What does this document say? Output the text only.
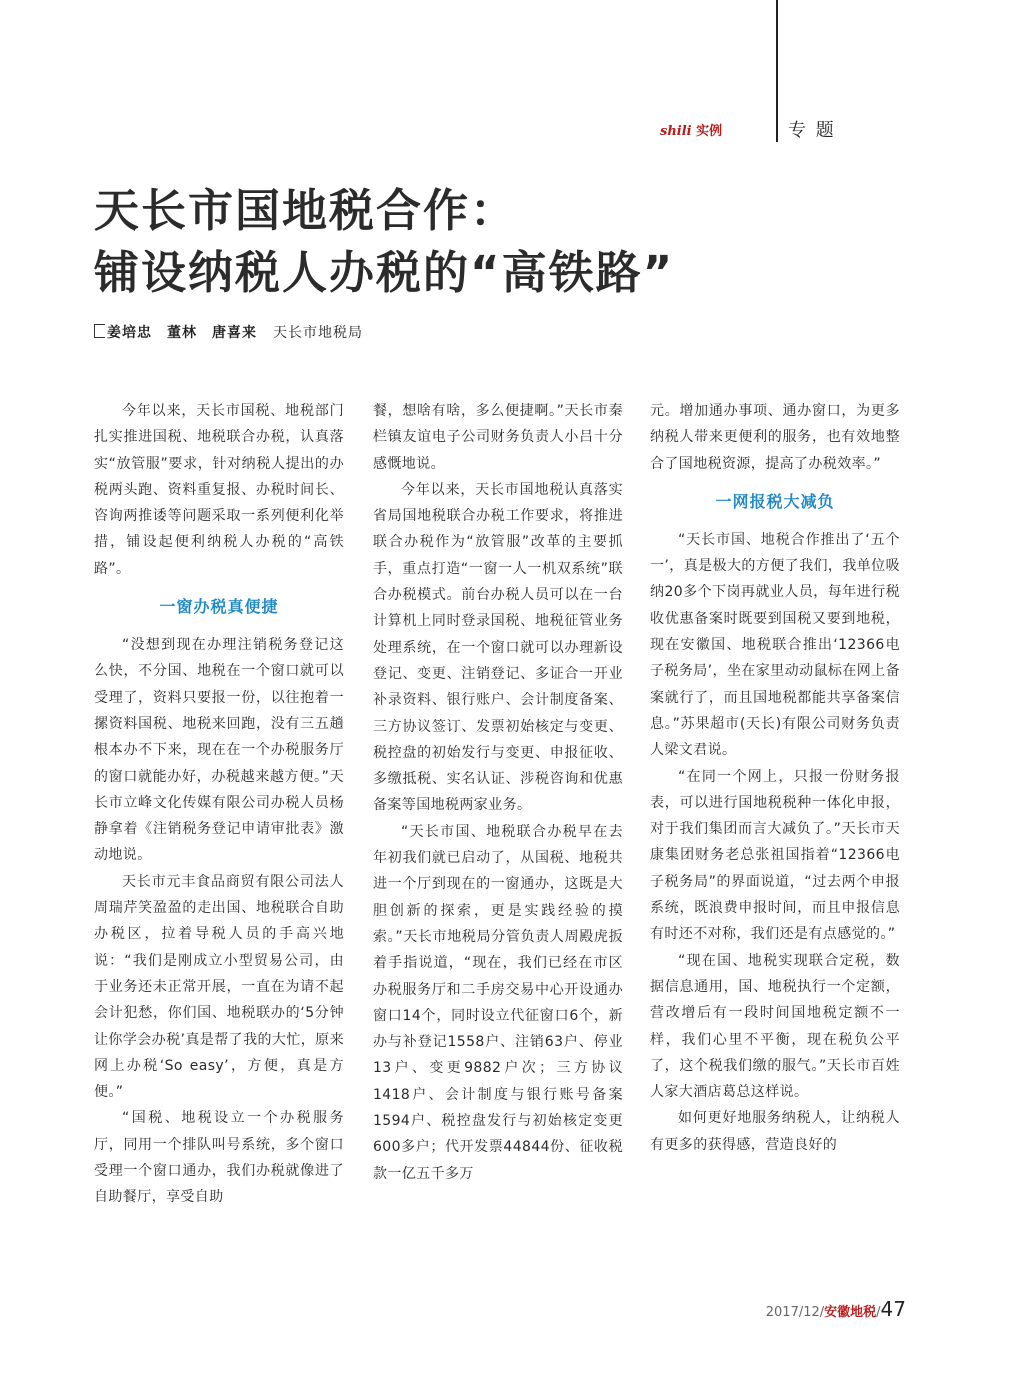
shili 实例	专 题
天长市国地税合作：
铺设纳税人办税的“高铁路”
姜培忠　董林　唐喜来 天长市地税局

今年以来，天长市国税、地税部门扎实推进国税、地税联合办税，认真落实“放管服”要求，针对纳税人提出的办税两头跑、资料重复报、办税时间长、咨询两推诿等问题采取一系列便利化举措，铺设起便利纳税人办税的“高铁路”。

一窗办税真便捷

“没想到现在办理注销税务登记这么快，不分国、地税在一个窗口就可以受理了，资料只要报一份，以往抱着一摞资料国税、地税来回跑，没有三五趟根本办不下来，现在在一个办税服务厅的窗口就能办好，办税越来越方便。”天长市立峰文化传媒有限公司办税人员杨静拿着《注销税务登记申请审批表》激动地说。

天长市元丰食品商贸有限公司法人周瑞芹笑盈盈的走出国、地税联合自助办税区，拉着导税人员的手高兴地说：“我们是刚成立小型贸易公司，由于业务还未正常开展，一直在为请不起会计犯愁，你们国、地税联办的‘5分钟让你学会办税’真是帮了我的大忙，原来网上办税‘So easy’，方便，真是方便。”

“国税、地税设立一个办税服务厅，同用一个排队叫号系统，多个窗口受理一个窗口通办，我们办税就像进了自助餐厅，享受自助

餐，想啥有啥，多么便捷啊。”天长市秦栏镇友谊电子公司财务负责人小吕十分感慨地说。

今年以来，天长市国地税认真落实省局国地税联合办税工作要求，将推进联合办税作为“放管服”改革的主要抓手，重点打造“一窗一人一机双系统”联合办税模式。前台办税人员可以在一台计算机上同时登录国税、地税征管业务处理系统，在一个窗口就可以办理新设登记、变更、注销登记、多证合一开业补录资料、银行账户、会计制度备案、三方协议签订、发票初始核定与变更、税控盘的初始发行与变更、申报征收、多缴抵税、实名认证、涉税咨询和优惠备案等国地税两家业务。

“天长市国、地税联合办税早在去年初我们就已启动了，从国税、地税共进一个厅到现在的一窗通办，这既是大胆创新的探索，更是实践经验的摸索。”天长市地税局分管负责人周殿虎扳着手指说道，“现在，我们已经在市区办税服务厅和二手房交易中心开设通办窗口14个，同时设立代征窗口6个，新办与补登记1558户、注销63户、停业13户、变更9882户次；三方协议1418户、会计制度与银行账号备案1594户、税控盘发行与初始核定变更600多户；代开发票44844份、征收税款一亿五千多万

元。增加通办事项、通办窗口，为更多纳税人带来更便利的服务，也有效地整合了国地税资源，提高了办税效率。”

一网报税大减负

“天长市国、地税合作推出了‘五个一’，真是极大的方便了我们，我单位吸纳20多个下岗再就业人员，每年进行税收优惠备案时既要到国税又要到地税，现在安徽国、地税联合推出‘12366电子税务局’，坐在家里动动鼠标在网上备案就行了，而且国地税都能共享备案信息。”苏果超市(天长)有限公司财务负责人梁文君说。

“在同一个网上，只报一份财务报表，可以进行国地税税种一体化申报，对于我们集团而言大减负了。”天长市天康集团财务老总张祖国指着“12366电子税务局”的界面说道，“过去两个申报系统，既浪费申报时间，而且申报信息有时还不对称，我们还是有点感觉的。”

“现在国、地税实现联合定税，数据信息通用，国、地税执行一个定额，营改增后有一段时间国地税定额不一样，我们心里不平衡，现在税负公平了，这个税我们缴的服气。”天长市百姓人家大酒店葛总这样说。

如何更好地服务纳税人，让纳税人有更多的获得感，营造良好的

2017/12/安徽地税/47
